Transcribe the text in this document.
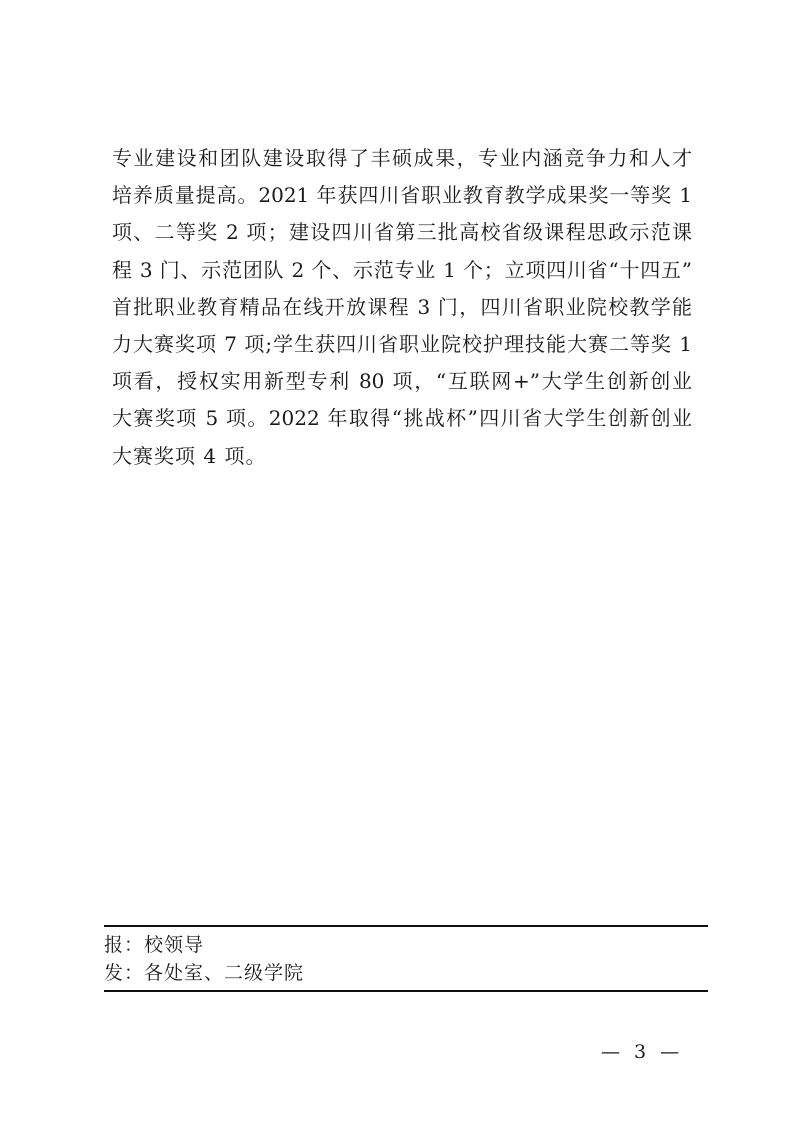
专业建设和团队建设取得了丰硕成果，专业内涵竞争力和人才
培养质量提高。2021 年获四川省职业教育教学成果奖一等奖 1
项、二等奖 2 项；建设四川省第三批高校省级课程思政示范课
程 3 门、示范团队 2 个、示范专业 1 个；立项四川省“十四五”
首批职业教育精品在线开放课程 3 门，四川省职业院校教学能
力大赛奖项 7 项;学生获四川省职业院校护理技能大赛二等奖 1
项看，授权实用新型专利 80 项，“互联网+”大学生创新创业
大赛奖项 5 项。2022 年取得“挑战杯”四川省大学生创新创业
大赛奖项 4 项。
报：校领导
发：各处室、二级学院
— 3 —
